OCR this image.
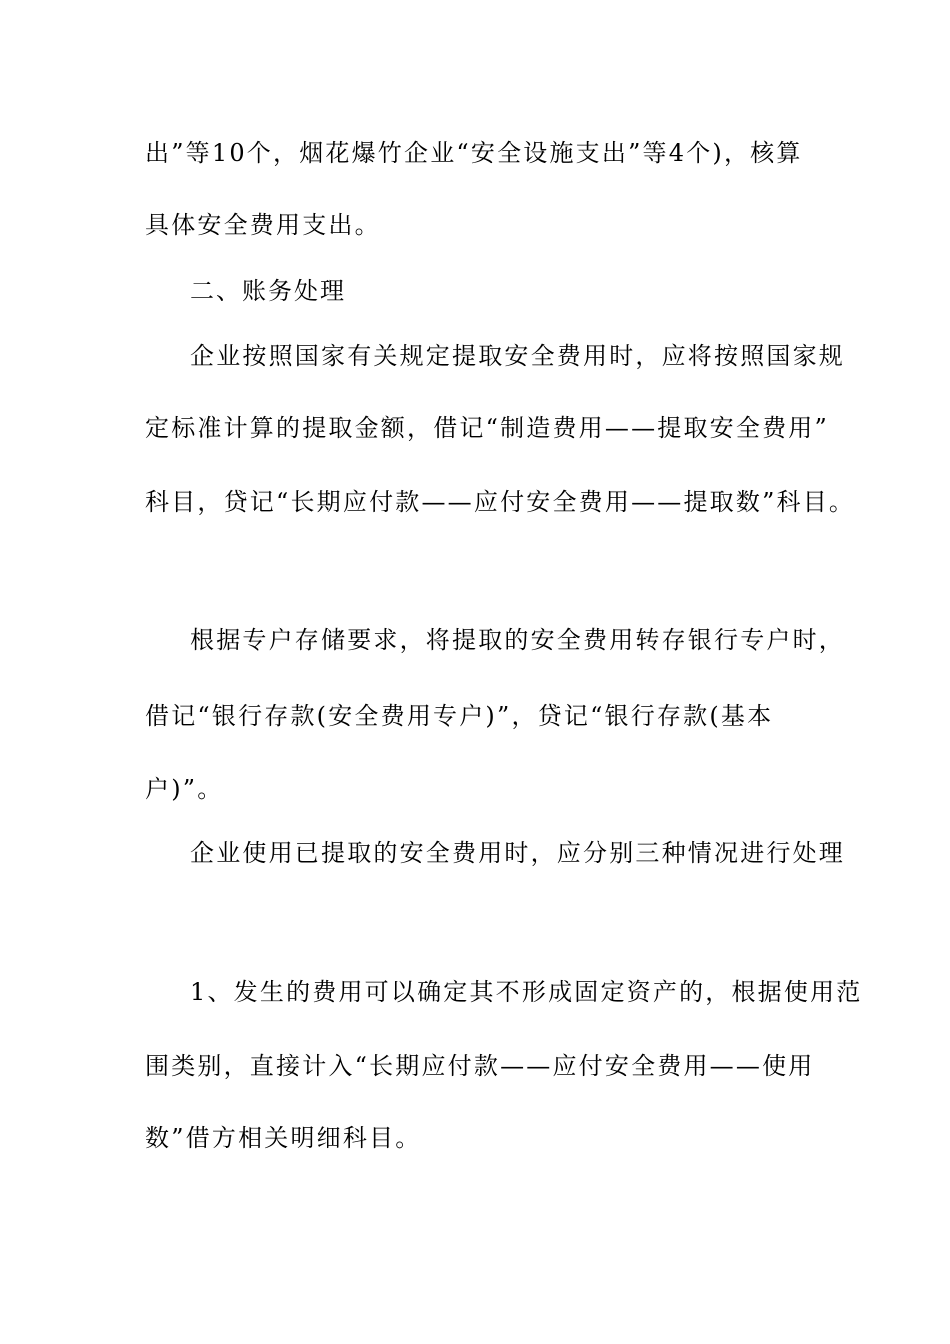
出”等10个，烟花爆竹企业“安全设施支出”等4个)，核算
具体安全费用支出。
二、账务处理
企业按照国家有关规定提取安全费用时，应将按照国家规
定标准计算的提取金额，借记“制造费用——提取安全费用”
科目，贷记“长期应付款——应付安全费用——提取数”科目。
根据专户存储要求，将提取的安全费用转存银行专户时，
借记“银行存款(安全费用专户)”，贷记“银行存款(基本
户)”。
企业使用已提取的安全费用时，应分别三种情况进行处理
1、发生的费用可以确定其不形成固定资产的，根据使用范
围类别，直接计入“长期应付款——应付安全费用——使用
数”借方相关明细科目。
